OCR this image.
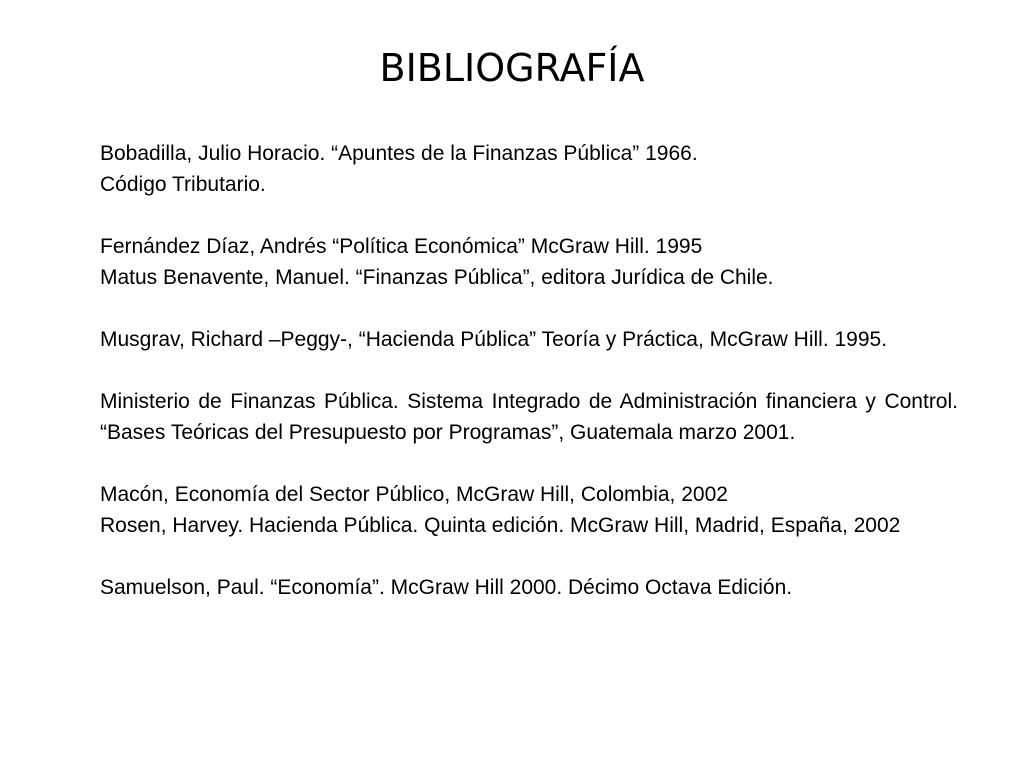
BIBLIOGRAFÍA

Bobadilla, Julio Horacio. “Apuntes de la Finanzas Pública” 1966.

Código Tributario.

Fernández Díaz, Andrés “Política Económica” McGraw Hill. 1995

Matus Benavente, Manuel. “Finanzas Pública”, editora Jurídica de Chile.

Musgrav, Richard –Peggy-, “Hacienda Pública” Teoría y Práctica, McGraw Hill. 1995.

Ministerio de Finanzas Pública. Sistema Integrado de Administración financiera y Control. “Bases Teóricas del Presupuesto por Programas”, Guatemala marzo 2001.

Macón, Economía del Sector Público, McGraw Hill, Colombia, 2002

Rosen, Harvey. Hacienda Pública. Quinta edición. McGraw Hill, Madrid, España, 2002

Samuelson, Paul. “Economía”. McGraw Hill 2000. Décimo Octava Edición.
